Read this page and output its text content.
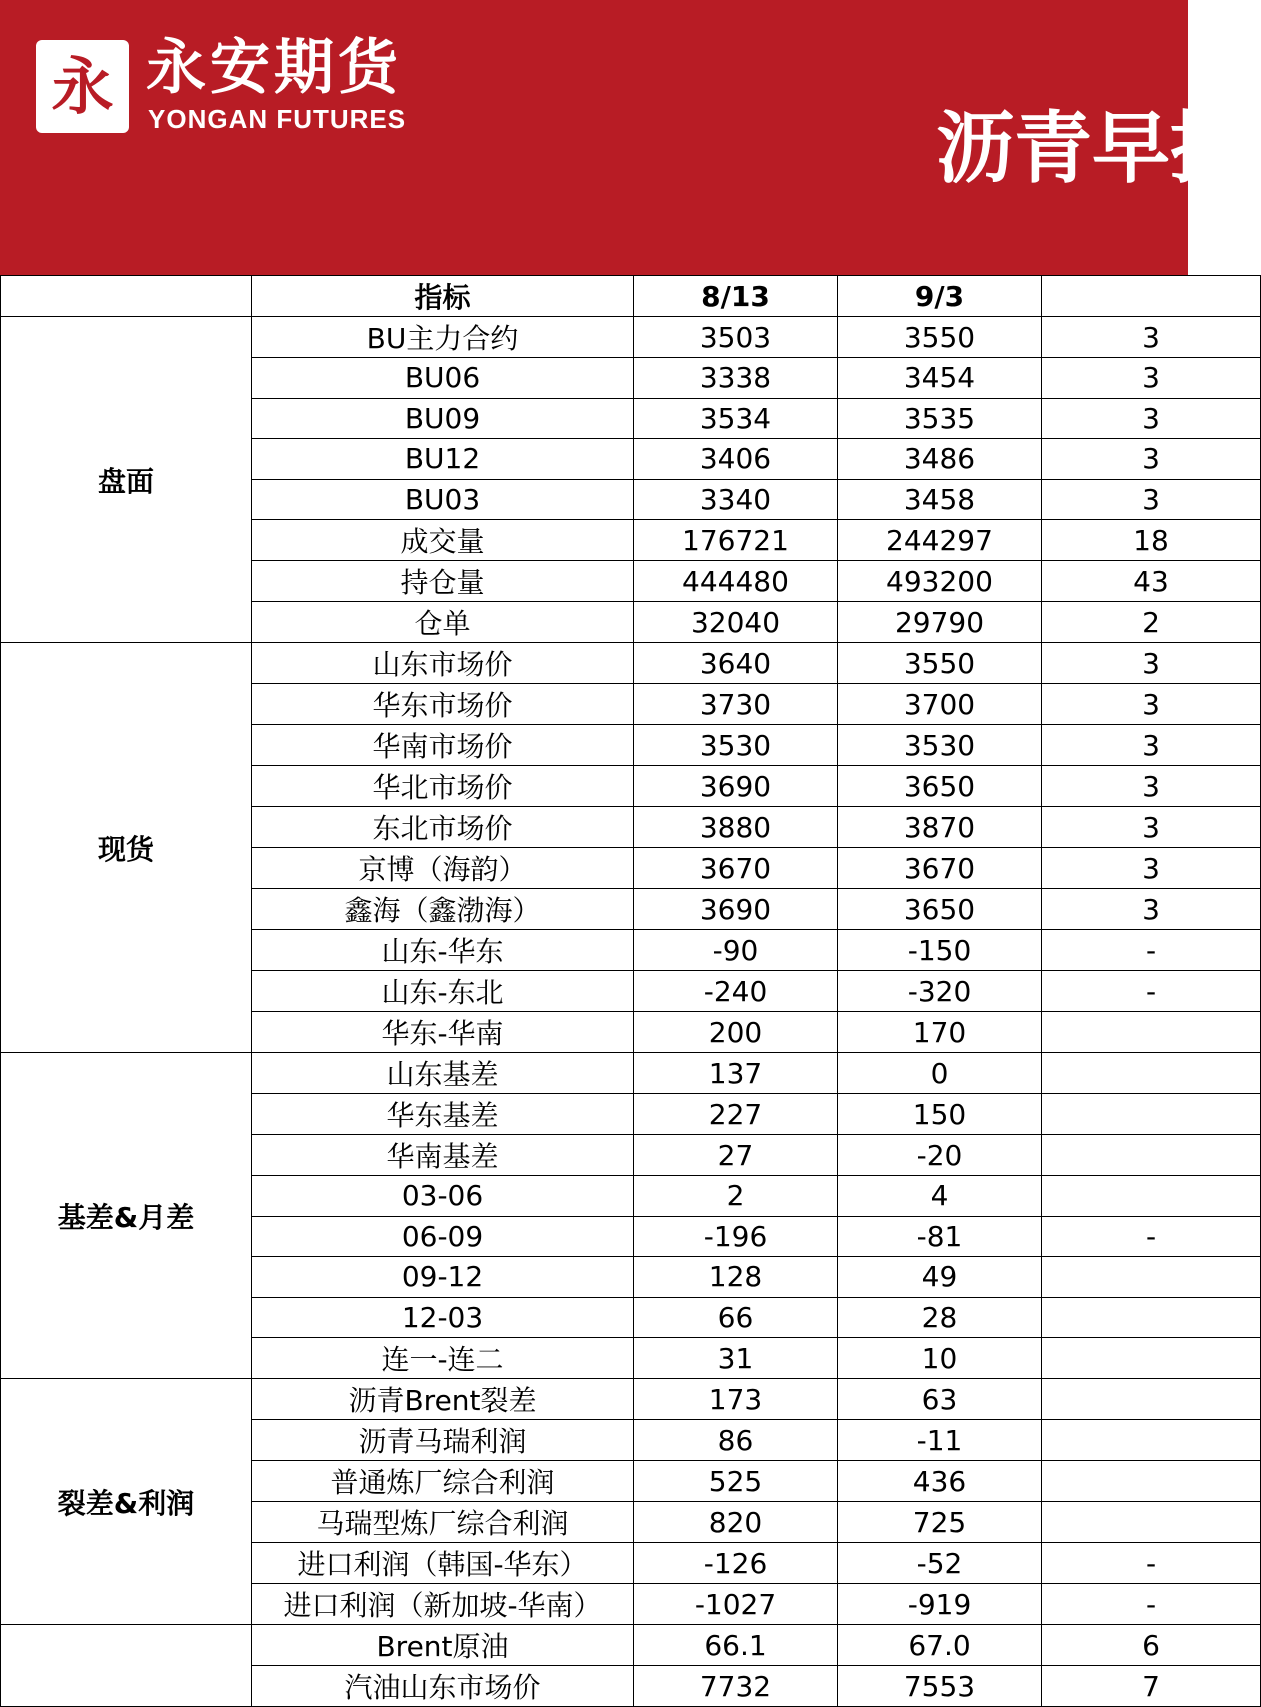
永 永安期货
YONGAN FUTURES	沥青早报
	指标	8/13	9/3	
盘面	BU主力合约	3503	3550	3
	BU06	3338	3454	3
	BU09	3534	3535	3
	BU12	3406	3486	3
	BU03	3340	3458	3
	成交量	176721	244297	18
	持仓量	444480	493200	43
	仓单	32040	29790	2
现货	山东市场价	3640	3550	3
	华东市场价	3730	3700	3
	华南市场价	3530	3530	3
	华北市场价	3690	3650	3
	东北市场价	3880	3870	3
	京博（海韵）	3670	3670	3
	鑫海（鑫渤海）	3690	3650	3
	山东-华东	-90	-150	-
	山东-东北	-240	-320	-
	华东-华南	200	170	
基差&月差	山东基差	137	0	
	华东基差	227	150	
	华南基差	27	-20	
	03-06	2	4	
	06-09	-196	-81	-
	09-12	128	49	
	12-03	66	28	
	连一-连二	31	10	
裂差&利润	沥青Brent裂差	173	63	
	沥青马瑞利润	86	-11	
	普通炼厂综合利润	525	436	
	马瑞型炼厂综合利润	820	725	
	进口利润（韩国-华东）	-126	-52	-
	进口利润（新加坡-华南）	-1027	-919	-
	Brent原油	66.1	67.0	6
	汽油山东市场价	7732	7553	7
